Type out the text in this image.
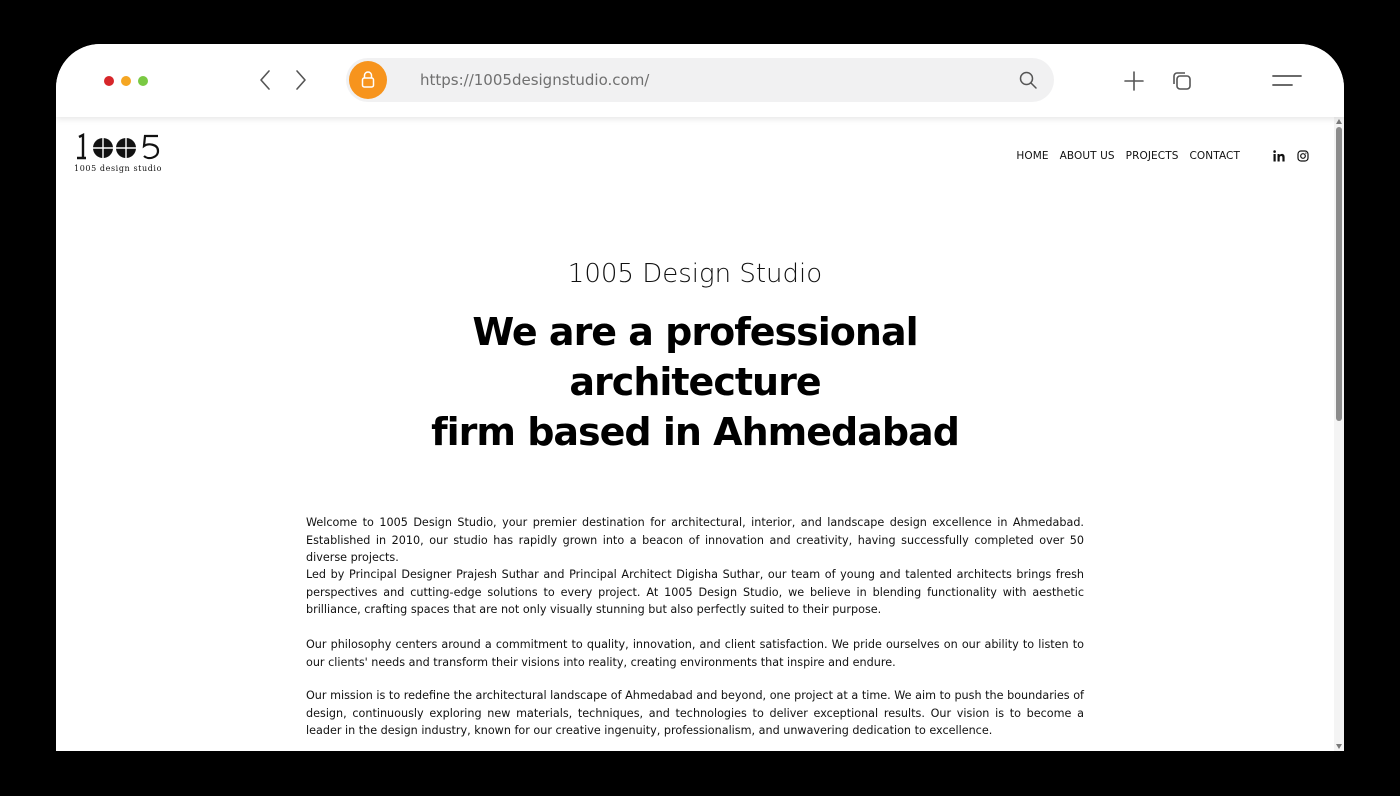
https://1005designstudio.com/
1005 design studio
HOME ABOUT US PROJECTS CONTACT
1005 Design Studio
We are a professional architecture
firm based in Ahmedabad

Welcome to 1005 Design Studio, your premier destination for architectural, interior, and landscape design excellence in Ahmedabad. Established in 2010, our studio has rapidly grown into a beacon of innovation and creativity, having successfully completed over 50 diverse projects.

Led by Principal Designer Prajesh Suthar and Principal Architect Digisha Suthar, our team of young and talented architects brings fresh perspectives and cutting-edge solutions to every project. At 1005 Design Studio, we believe in blending functionality with aesthetic brilliance, crafting spaces that are not only visually stunning but also perfectly suited to their purpose.

Our philosophy centers around a commitment to quality, innovation, and client satisfaction. We pride ourselves on our ability to listen to our clients' needs and transform their visions into reality, creating environments that inspire and endure.

Our mission is to redefine the architectural landscape of Ahmedabad and beyond, one project at a time. We aim to push the boundaries of design, continuously exploring new materials, techniques, and technologies to deliver exceptional results. Our vision is to become a leader in the design industry, known for our creative ingenuity, professionalism, and unwavering dedication to excellence.
